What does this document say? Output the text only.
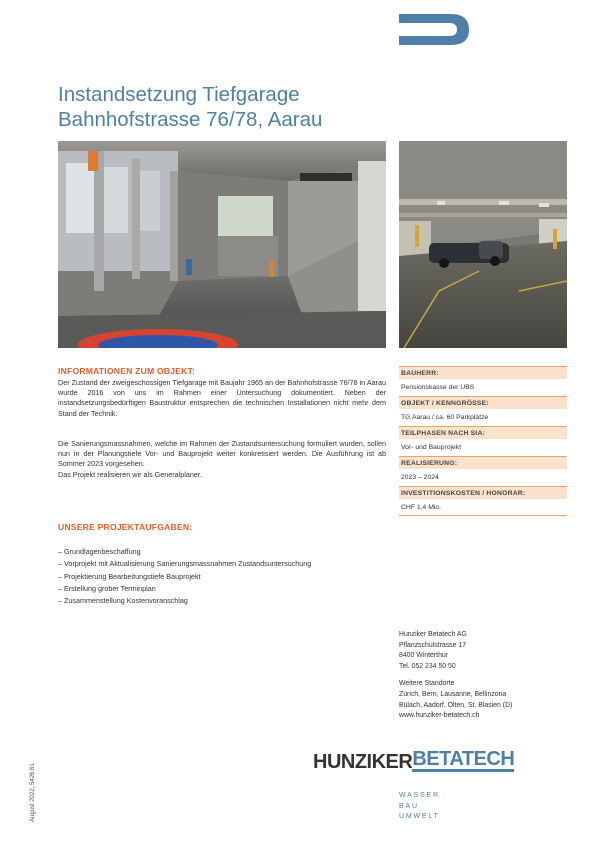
Instandsetzung Tiefgarage
Bahnhofstrasse 76/78, Aarau
INFORMATIONEN ZUM OBJEKT:

Der Zustand der zweigeschossigen Tiefgarage mit Baujahr 1965 an der Bahnhofstrasse 76/78 in Aarau wurde 2016 von uns im Rahmen einer Untersuchung dokumentiert. Neben der instandsetzungsbedürftigen Baustruktur entsprechen die technischen Installationen nicht mehr dem Stand der Technik.

Die Sanierungsmassnahmen, welche im Rahmen der Zustandsuntersuchung formuliert wurden, sollen nun in der Planungstiefe Vor- und Bauprojekt weiter konkretisiert werden. Die Ausführung ist ab Sommer 2023 vorgesehen.

Das Projekt realisieren wir als Generalplaner.

UNSERE PROJEKTAUFGABEN:
– Grundlagenbeschaffung
– Vorprojekt mit Aktualisierung Sanierungsmassnahmen Zustandsuntersuchung
– Projektierung Bearbeitungstiefe Bauprojekt
– Erstellung grober Terminplan
– Zusammenstellung Kostenvoranschlag
BAUHERR:
Pensionskasse der UBS
OBJEKT / KENNGRÖSSE:
TG Aarau / ca. 60 Parkplätze
TEILPHASEN NACH SIA:
Vor- und Bauprojekt
REALISIERUNG:
2023 – 2024
INVESTITIONSKOSTEN / HONORAR:
CHF 1,4 Mio.
Hunziker Betatech AG
Pflanzschulstrasse 17
8400 Winterthur
Tel. 052 234 50 50
Weitere Standorte
Zürich, Bern, Lausanne, Bellinzona
Bülach, Aadorf, Olten, St. Blasien (D)
www.hunziker-betatech.ch
HUNZIKER BETATECH
WASSER
BAU
UMWELT
August 2022, 5426.61
